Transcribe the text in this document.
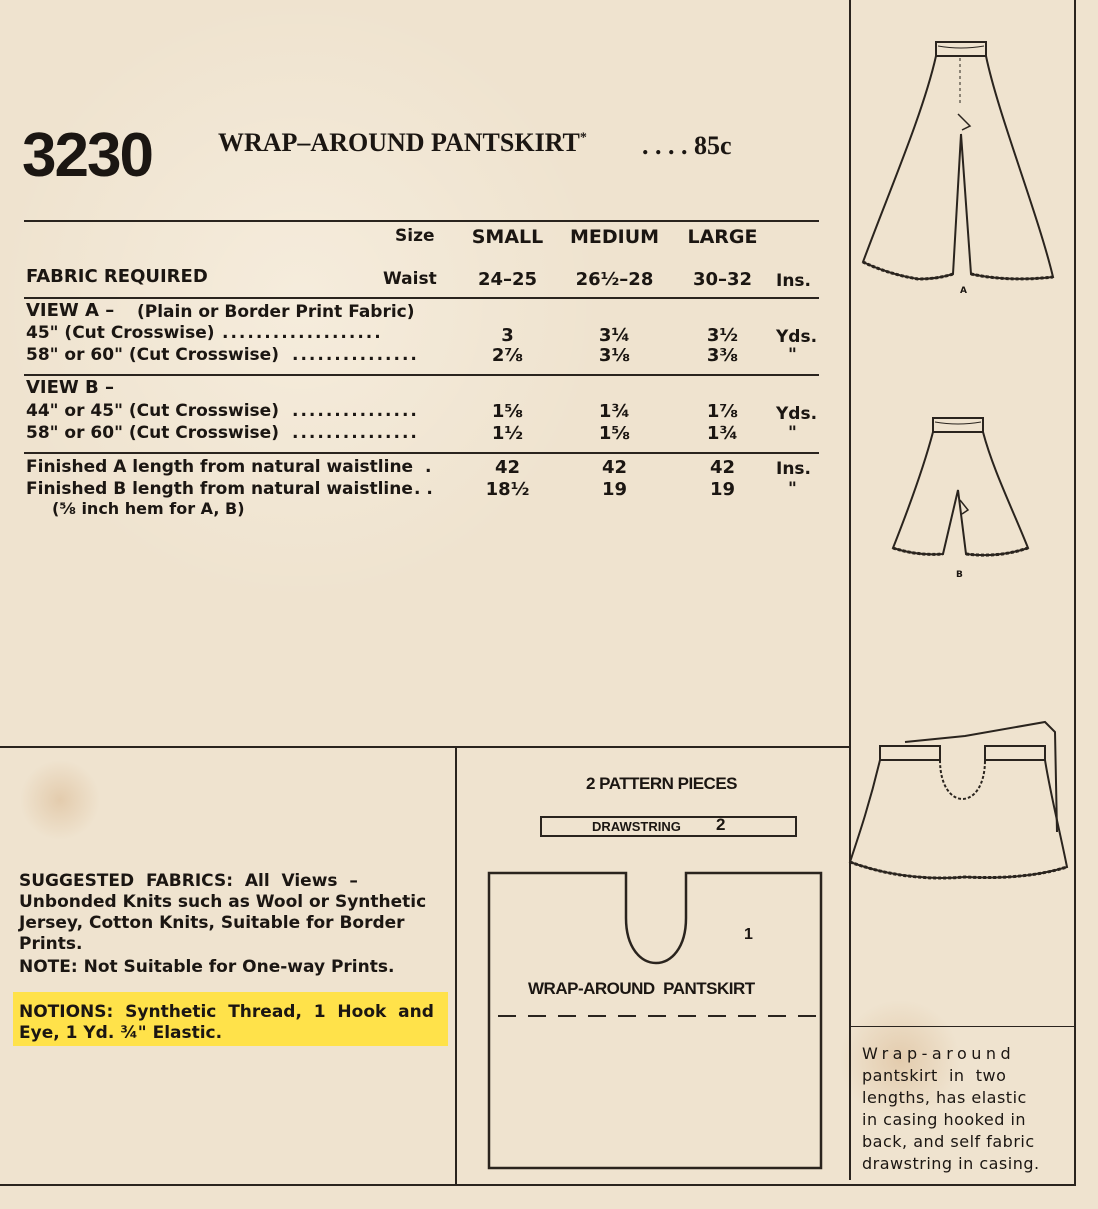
3230	WRAP–AROUND PANTSKIRT* . . . . 85c
Size	SMALL	MEDIUM	LARGE
FABRIC REQUIRED	Waist	24–25	26½–28	30–32	Ins.
VIEW A – (Plain or Border Print Fabric)
45" (Cut Crosswise) ...................	3	3¼	3½	Yds.
58" or 60" (Cut Crosswise) ...............	2⅞	3⅛	3⅜	"
VIEW B –
44" or 45" (Cut Crosswise) ...............	1⅝	1¾	1⅞	Yds.
58" or 60" (Cut Crosswise) ...............	1½	1⅝	1¾	"
Finished A length from natural waistline .	42	42	42	Ins.
Finished B length from natural waistline . .	18½	19	19	"
(⅝ inch hem for A, B)
SUGGESTED  FABRICS:  All  Views  –
Unbonded Knits such as Wool or Synthetic
Jersey, Cotton Knits, Suitable for Border
Prints.
NOTE: Not Suitable for One-way Prints.
NOTIONS:  Synthetic  Thread,  1  Hook  and
Eye, 1 Yd. ¾" Elastic.
2 PATTERN PIECES
DRAWSTRING 2
1
WRAP-AROUND  PANTSKIRT
A
B
Wrap-around
pantskirt  in  two
lengths, has elastic
in casing hooked in
back, and self fabric
drawstring in casing.
